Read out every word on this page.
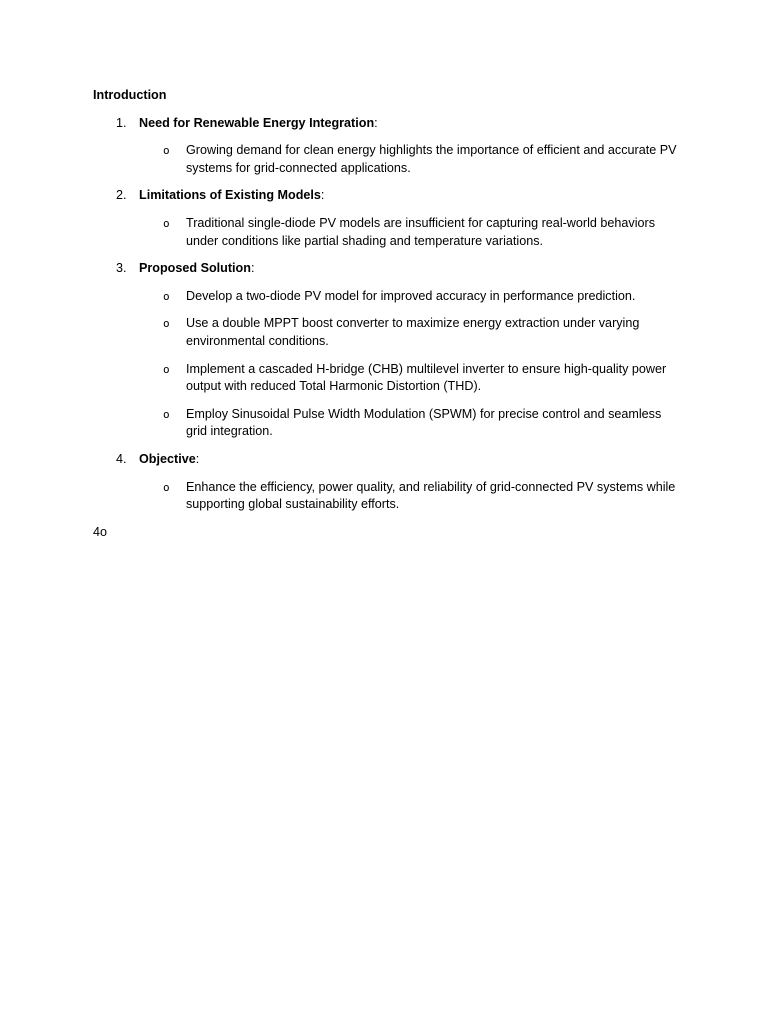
Introduction
1. Need for Renewable Energy Integration:
o Growing demand for clean energy highlights the importance of efficient and accurate PV systems for grid-connected applications.
2. Limitations of Existing Models:
o Traditional single-diode PV models are insufficient for capturing real-world behaviors under conditions like partial shading and temperature variations.
3. Proposed Solution:
o Develop a two-diode PV model for improved accuracy in performance prediction.
o Use a double MPPT boost converter to maximize energy extraction under varying environmental conditions.
o Implement a cascaded H-bridge (CHB) multilevel inverter to ensure high-quality power output with reduced Total Harmonic Distortion (THD).
o Employ Sinusoidal Pulse Width Modulation (SPWM) for precise control and seamless grid integration.
4. Objective:
o Enhance the efficiency, power quality, and reliability of grid-connected PV systems while supporting global sustainability efforts.
4o
